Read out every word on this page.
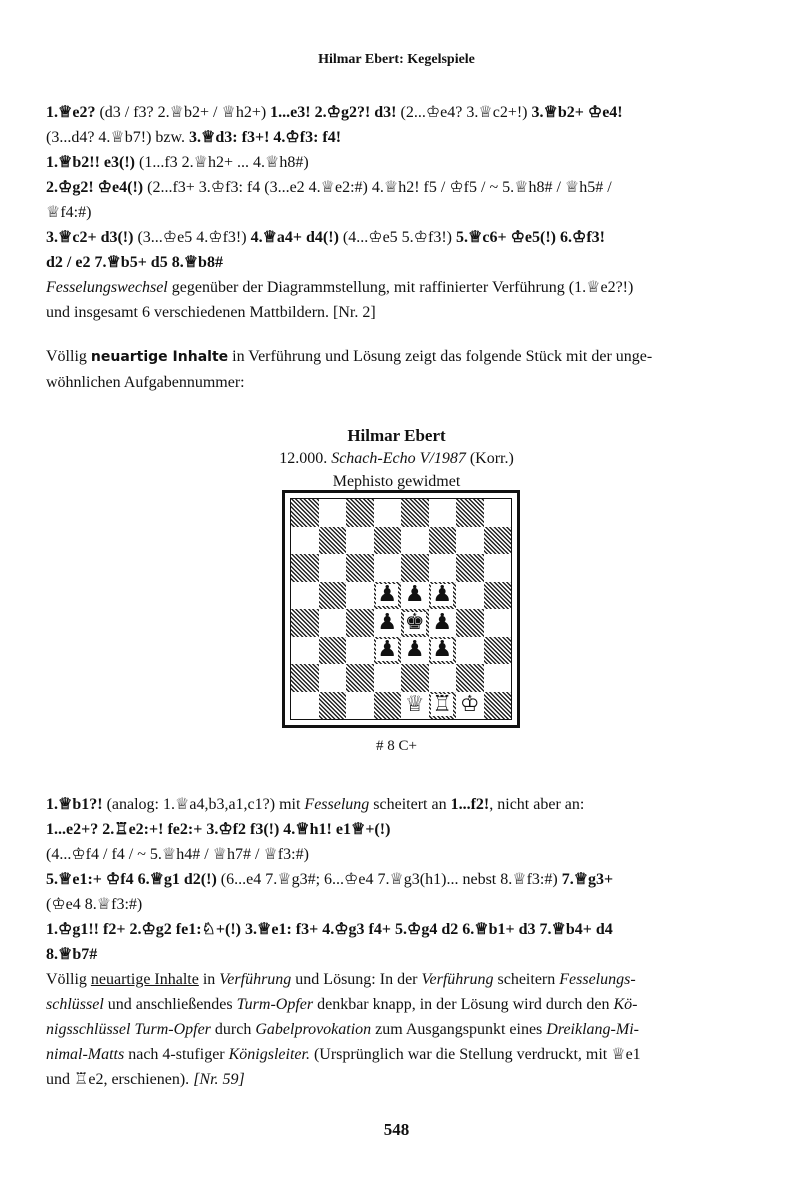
Hilmar Ebert: Kegelspiele

1.♕e2? (d3 / f3? 2.♕b2+ / ♕h2+) 1...e3! 2.♔g2?! d3! (2...♔e4? 3.♕c2+!) 3.♕b2+ ♔e4!

(3...d4? 4.♕b7!) bzw. 3.♕d3: f3+! 4.♔f3: f4!

1.♕b2!! e3(!) (1...f3 2.♕h2+ ... 4.♕h8#)

2.♔g2! ♔e4(!) (2...f3+ 3.♔f3: f4 (3...e2 4.♕e2:#) 4.♕h2! f5 / ♔f5 / ~ 5.♕h8# / ♕h5# /

♕f4:#)

3.♕c2+ d3(!) (3...♔e5 4.♔f3!) 4.♕a4+ d4(!) (4...♔e5 5.♔f3!) 5.♕c6+ ♔e5(!) 6.♔f3!

d2 / e2 7.♕b5+ d5 8.♕b8#

Fesselungswechsel gegenüber der Diagrammstellung, mit raffinierter Verführung (1.♕e2?!)

und insgesamt 6 verschiedenen Mattbildern. [Nr. 2]

Völlig neuartige Inhalte in Verführung und Lösung zeigt das folgende Stück mit der unge-

wöhnlichen Aufgabennummer:

Hilmar Ebert
12.000. Schach-Echo V/1987 (Korr.)
Mephisto gewidmet
♟ ♟ ♟
♟ ♚ ♟
♟ ♟ ♟
♕ ♖ ♔
# 8 C+

1.♕b1?! (analog: 1.♕a4,b3,a1,c1?) mit Fesselung scheitert an 1...f2!, nicht aber an:

1...e2+? 2.♖e2:+! fe2:+ 3.♔f2 f3(!) 4.♕h1! e1♕+(!)

(4...♔f4 / f4 / ~ 5.♕h4# / ♕h7# / ♕f3:#)

5.♕e1:+ ♔f4 6.♕g1 d2(!) (6...e4 7.♕g3#; 6...♔e4 7.♕g3(h1)... nebst 8.♕f3:#) 7.♕g3+

(♔e4 8.♕f3:#)

1.♔g1!! f2+ 2.♔g2 fe1:♘+(!) 3.♕e1: f3+ 4.♔g3 f4+ 5.♔g4 d2 6.♕b1+ d3 7.♕b4+ d4

8.♕b7#

Völlig neuartige Inhalte in Verführung und Lösung: In der Verführung scheitern Fesselungs-

schlüssel und anschließendes Turm-Opfer denkbar knapp, in der Lösung wird durch den Kö-

nigsschlüssel Turm-Opfer durch Gabelprovokation zum Ausgangspunkt eines Dreiklang-Mi-

nimal-Matts nach 4-stufiger Königsleiter. (Ursprünglich war die Stellung verdruckt, mit ♕e1

und ♖e2, erschienen). [Nr. 59]

548
